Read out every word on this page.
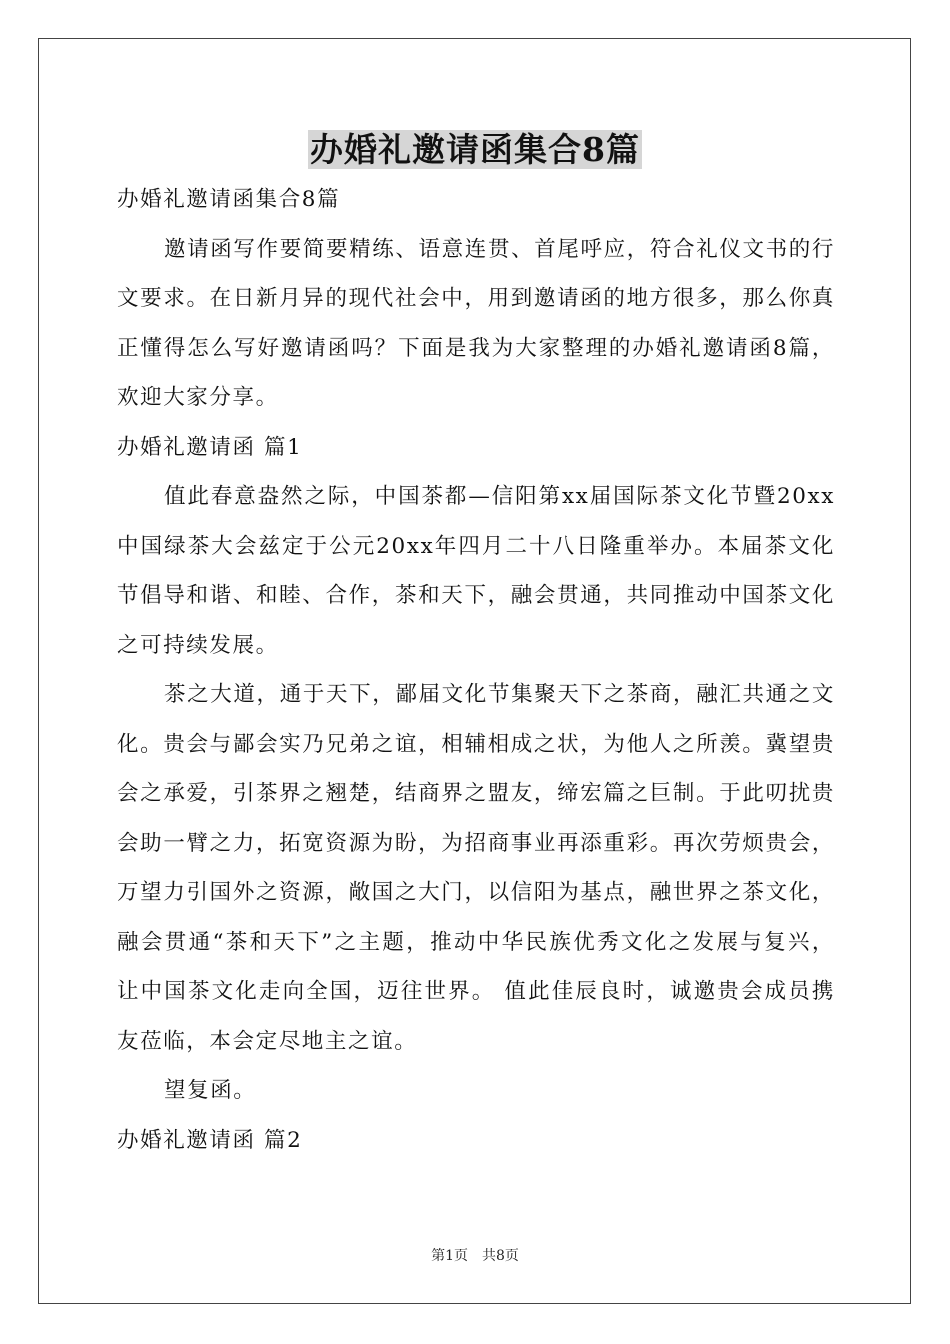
办婚礼邀请函集合8篇

办婚礼邀请函集合8篇

邀请函写作要简要精练、语意连贯、首尾呼应，符合礼仪文书的行文要求。在日新月异的现代社会中，用到邀请函的地方很多，那么你真正懂得怎么写好邀请函吗？下面是我为大家整理的办婚礼邀请函8篇，欢迎大家分享。

办婚礼邀请函 篇1

值此春意盎然之际，中国茶都—信阳第xx届国际茶文化节暨20xx中国绿茶大会兹定于公元20xx年四月二十八日隆重举办。本届茶文化节倡导和谐、和睦、合作，茶和天下，融会贯通，共同推动中国茶文化之可持续发展。

茶之大道，通于天下，鄙届文化节集聚天下之茶商，融汇共通之文化。贵会与鄙会实乃兄弟之谊，相辅相成之状，为他人之所羡。冀望贵会之承爱，引茶界之翘楚，结商界之盟友，缔宏篇之巨制。于此叨扰贵会助一臂之力，拓宽资源为盼，为招商事业再添重彩。再次劳烦贵会，万望力引国外之资源，敞国之大门，以信阳为基点，融世界之茶文化，融会贯通“茶和天下”之主题，推动中华民族优秀文化之发展与复兴，让中国茶文化走向全国，迈往世界。 值此佳辰良时，诚邀贵会成员携友莅临，本会定尽地主之谊。

望复函。

办婚礼邀请函 篇2

第1页　共8页
